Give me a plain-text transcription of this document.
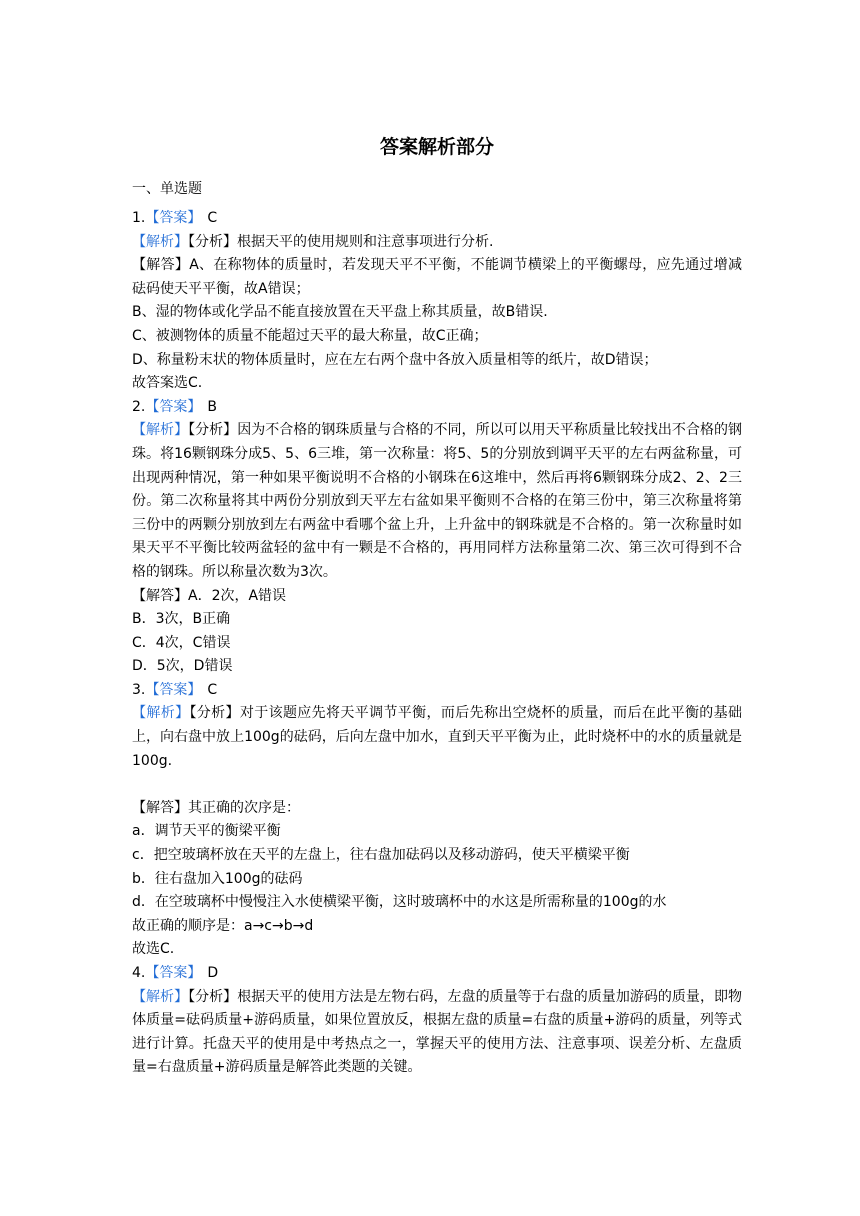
答案解析部分
一、单选题

1.【答案】 C

【解析】【分析】根据天平的使用规则和注意事项进行分析.

【解答】A、在称物体的质量时，若发现天平不平衡，不能调节横梁上的平衡螺母，应先通过增减砝码使天平平衡，故A错误；

B、湿的物体或化学品不能直接放置在天平盘上称其质量，故B错误.

C、被测物体的质量不能超过天平的最大称量，故C正确；

D、称量粉末状的物体质量时，应在左右两个盘中各放入质量相等的纸片，故D错误；

故答案选C.

2.【答案】 B

【解析】【分析】因为不合格的钢珠质量与合格的不同，所以可以用天平称质量比较找出不合格的钢珠。将16颗钢珠分成5、5、6三堆，第一次称量：将5、5的分别放到调平天平的左右两盆称量，可出现两种情况，第一种如果平衡说明不合格的小钢珠在6这堆中，然后再将6颗钢珠分成2、2、2三份。第二次称量将其中两份分别放到天平左右盆如果平衡则不合格的在第三份中，第三次称量将第三份中的两颗分别放到左右两盆中看哪个盆上升，上升盆中的钢珠就是不合格的。第一次称量时如果天平不平衡比较两盆轻的盆中有一颗是不合格的，再用同样方法称量第二次、第三次可得到不合格的钢珠。所以称量次数为3次。

【解答】A．2次，A错误

B．3次，B正确

C．4次，C错误

D．5次，D错误

3.【答案】 C

【解析】【分析】对于该题应先将天平调节平衡，而后先称出空烧杯的质量，而后在此平衡的基础上，向右盘中放上100g的砝码，后向左盘中加水，直到天平平衡为止，此时烧杯中的水的质量就是100g.

【解答】其正确的次序是：

a．调节天平的衡梁平衡

c．把空玻璃杯放在天平的左盘上，往右盘加砝码以及移动游码，使天平横梁平衡

b．往右盘加入100g的砝码

d．在空玻璃杯中慢慢注入水使横梁平衡，这时玻璃杯中的水这是所需称量的100g的水

故正确的顺序是：a→c→b→d

故选C.

4.【答案】 D

【解析】【分析】根据天平的使用方法是左物右码，左盘的质量等于右盘的质量加游码的质量，即物体质量=砝码质量+游码质量，如果位置放反，根据左盘的质量=右盘的质量+游码的质量，列等式进行计算。托盘天平的使用是中考热点之一，掌握天平的使用方法、注意事项、误差分析、左盘质量=右盘质量+游码质量是解答此类题的关键。
